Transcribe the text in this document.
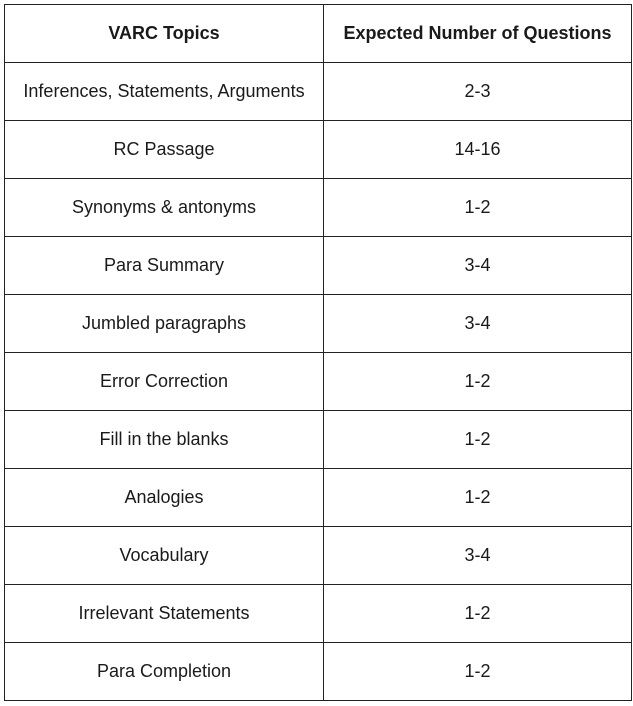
VARC Topics	Expected Number of Questions
Inferences, Statements, Arguments	2-3
RC Passage	14-16
Synonyms & antonyms	1-2
Para Summary	3-4
Jumbled paragraphs	3-4
Error Correction	1-2
Fill in the blanks	1-2
Analogies	1-2
Vocabulary	3-4
Irrelevant Statements	1-2
Para Completion	1-2
